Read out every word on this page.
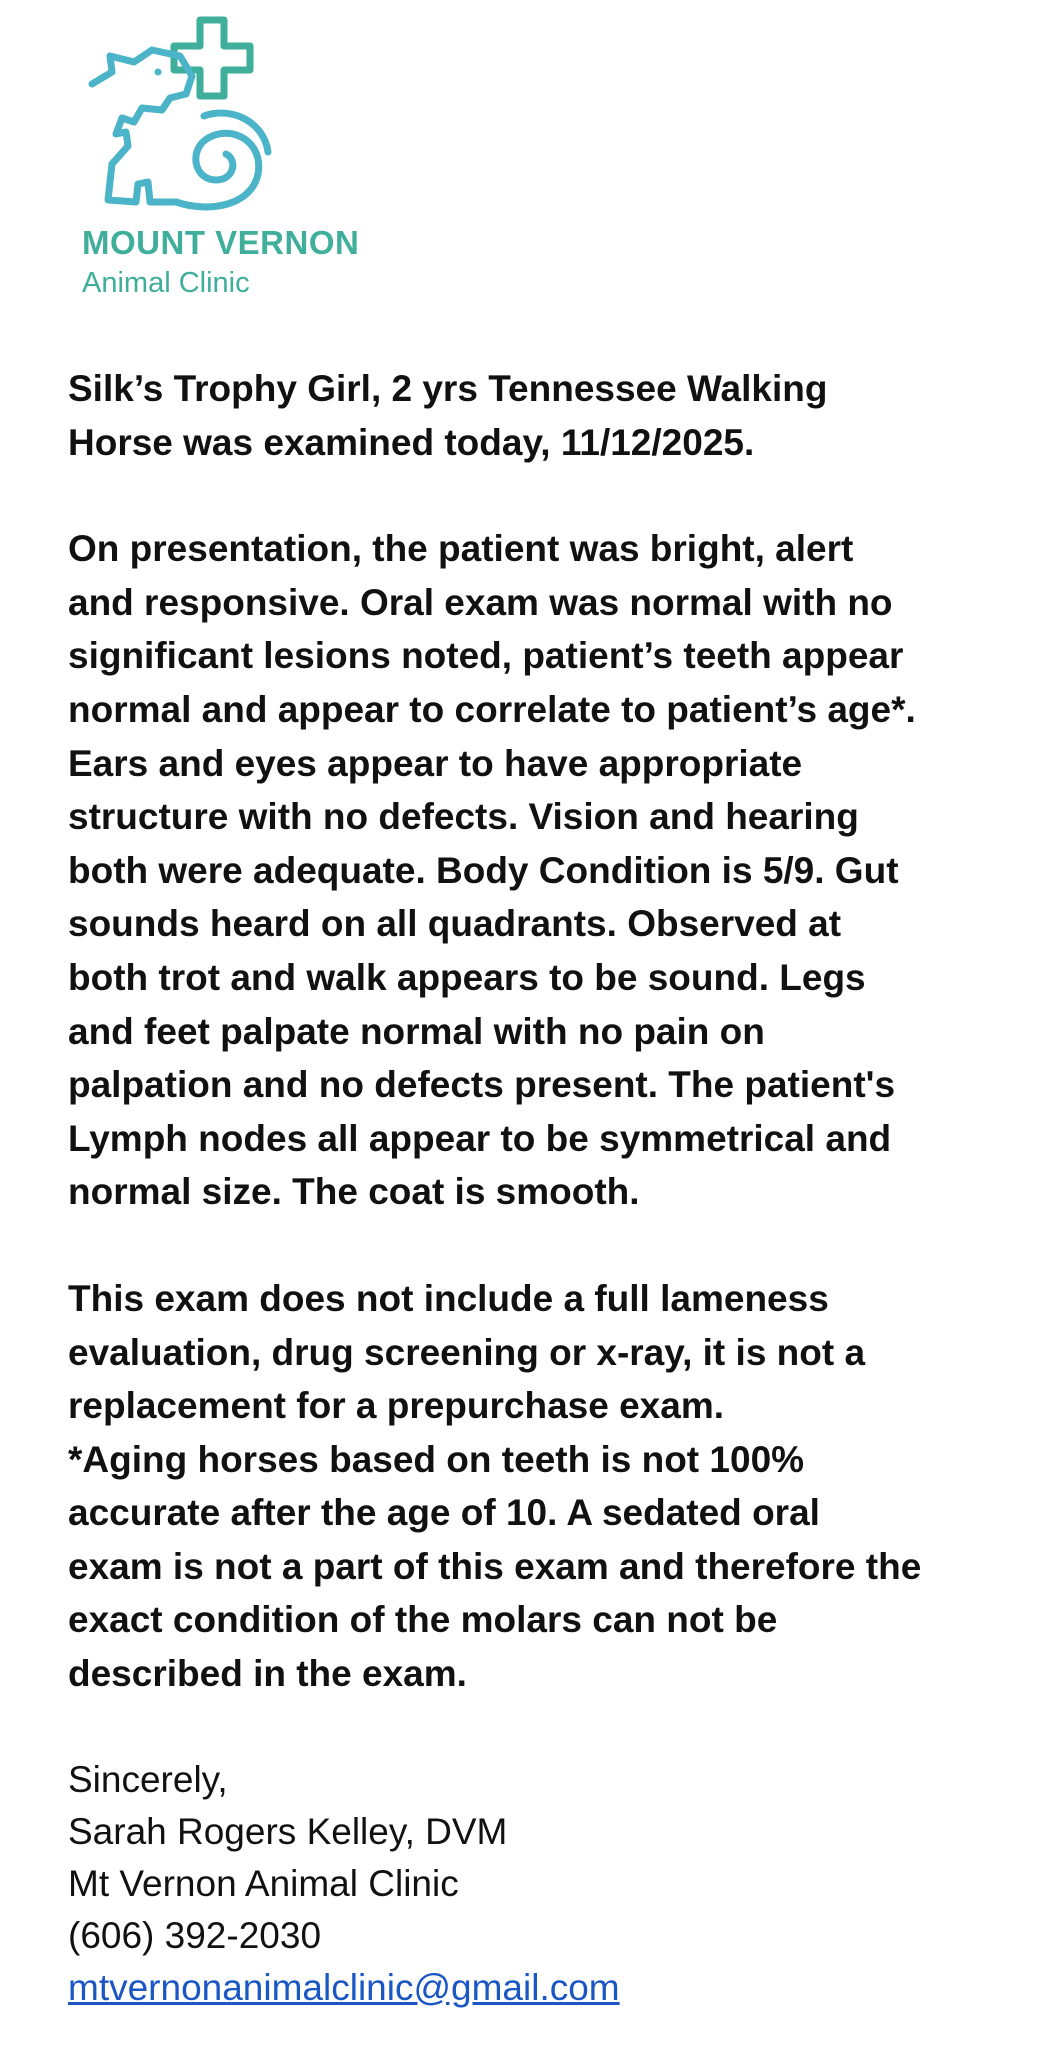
MOUNT VERNON
Animal Clinic

Silk’s Trophy Girl, 2 yrs Tennessee Walking
Horse was examined today, 11/12/2025.

On presentation, the patient was bright, alert
and responsive. Oral exam was normal with no
significant lesions noted, patient’s teeth appear
normal and appear to correlate to patient’s age*.
Ears and eyes appear to have appropriate
structure with no defects. Vision and hearing
both were adequate. Body Condition is 5/9. Gut
sounds heard on all quadrants. Observed at
both trot and walk appears to be sound. Legs
and feet palpate normal with no pain on
palpation and no defects present. The patient's
Lymph nodes all appear to be symmetrical and
normal size. The coat is smooth.

This exam does not include a full lameness
evaluation, drug screening or x-ray, it is not a
replacement for a prepurchase exam.
*Aging horses based on teeth is not 100%
accurate after the age of 10. A sedated oral
exam is not a part of this exam and therefore the
exact condition of the molars can not be
described in the exam.

Sincerely,
Sarah Rogers Kelley, DVM
Mt Vernon Animal Clinic
(606) 392-2030
mtvernonanimalclinic@gmail.com
